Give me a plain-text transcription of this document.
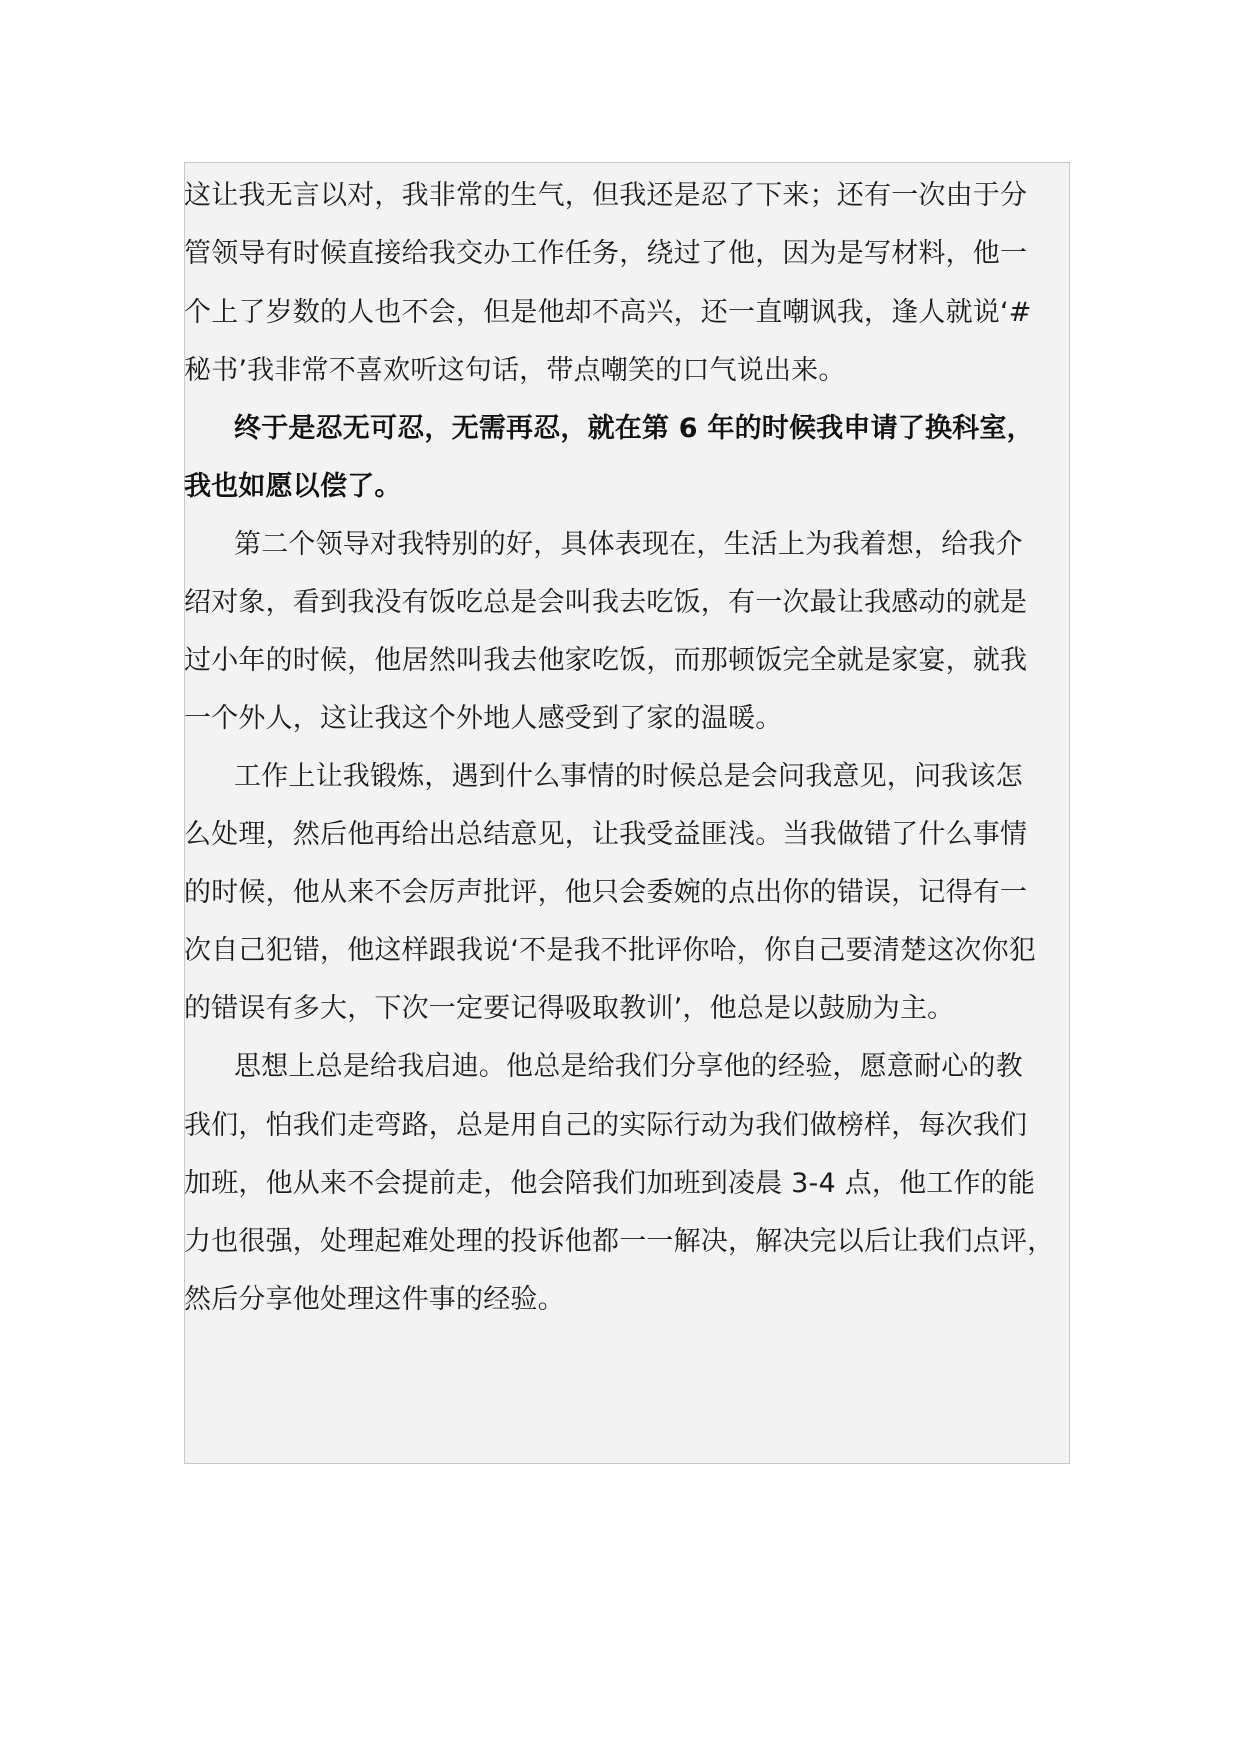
这让我无言以对，我非常的生气，但我还是忍了下来；还有一次由于分
管领导有时候直接给我交办工作任务，绕过了他，因为是写材料，他一
个上了岁数的人也不会，但是他却不高兴，还一直嘲讽我，逢人就说‘#
秘书’我非常不喜欢听这句话，带点嘲笑的口气说出来。
终于是忍无可忍，无需再忍，就在第 6 年的时候我申请了换科室，
我也如愿以偿了。
第二个领导对我特别的好，具体表现在，生活上为我着想，给我介
绍对象，看到我没有饭吃总是会叫我去吃饭，有一次最让我感动的就是
过小年的时候，他居然叫我去他家吃饭，而那顿饭完全就是家宴，就我
一个外人，这让我这个外地人感受到了家的温暖。
工作上让我锻炼，遇到什么事情的时候总是会问我意见，问我该怎
么处理，然后他再给出总结意见，让我受益匪浅。当我做错了什么事情
的时候，他从来不会厉声批评，他只会委婉的点出你的错误，记得有一
次自己犯错，他这样跟我说‘不是我不批评你哈，你自己要清楚这次你犯
的错误有多大，下次一定要记得吸取教训’，他总是以鼓励为主。
思想上总是给我启迪。他总是给我们分享他的经验，愿意耐心的教
我们，怕我们走弯路，总是用自己的实际行动为我们做榜样，每次我们
加班，他从来不会提前走，他会陪我们加班到凌晨 3-4 点，他工作的能
力也很强，处理起难处理的投诉他都一一解决，解决完以后让我们点评，
然后分享他处理这件事的经验。
